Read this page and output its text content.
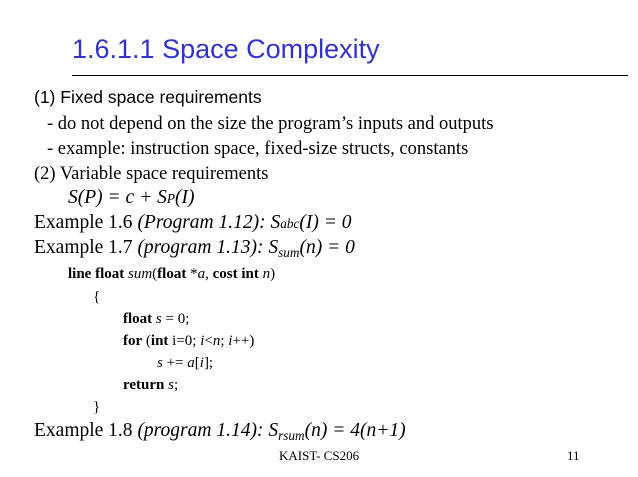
1.6.1.1 Space Complexity
(1) Fixed space requirements
- do not depend on the size the program’s inputs and outputs
- example: instruction space, fixed-size structs, constants
(2) Variable space requirements
S(P) = c + SP(I)
Example 1.6 (Program 1.12): Sabc(I) = 0
Example 1.7 (program 1.13): $S_{sum}(n) = 0$
line float sum(float *a, cost int n)
{
float s = 0;
for (int i=0; i<n; i++)
s += a[i];
return s;
}
Example 1.8 (program 1.14): $S_{rsum}(n) = 4(n+1)$
KAIST- CS206	11
